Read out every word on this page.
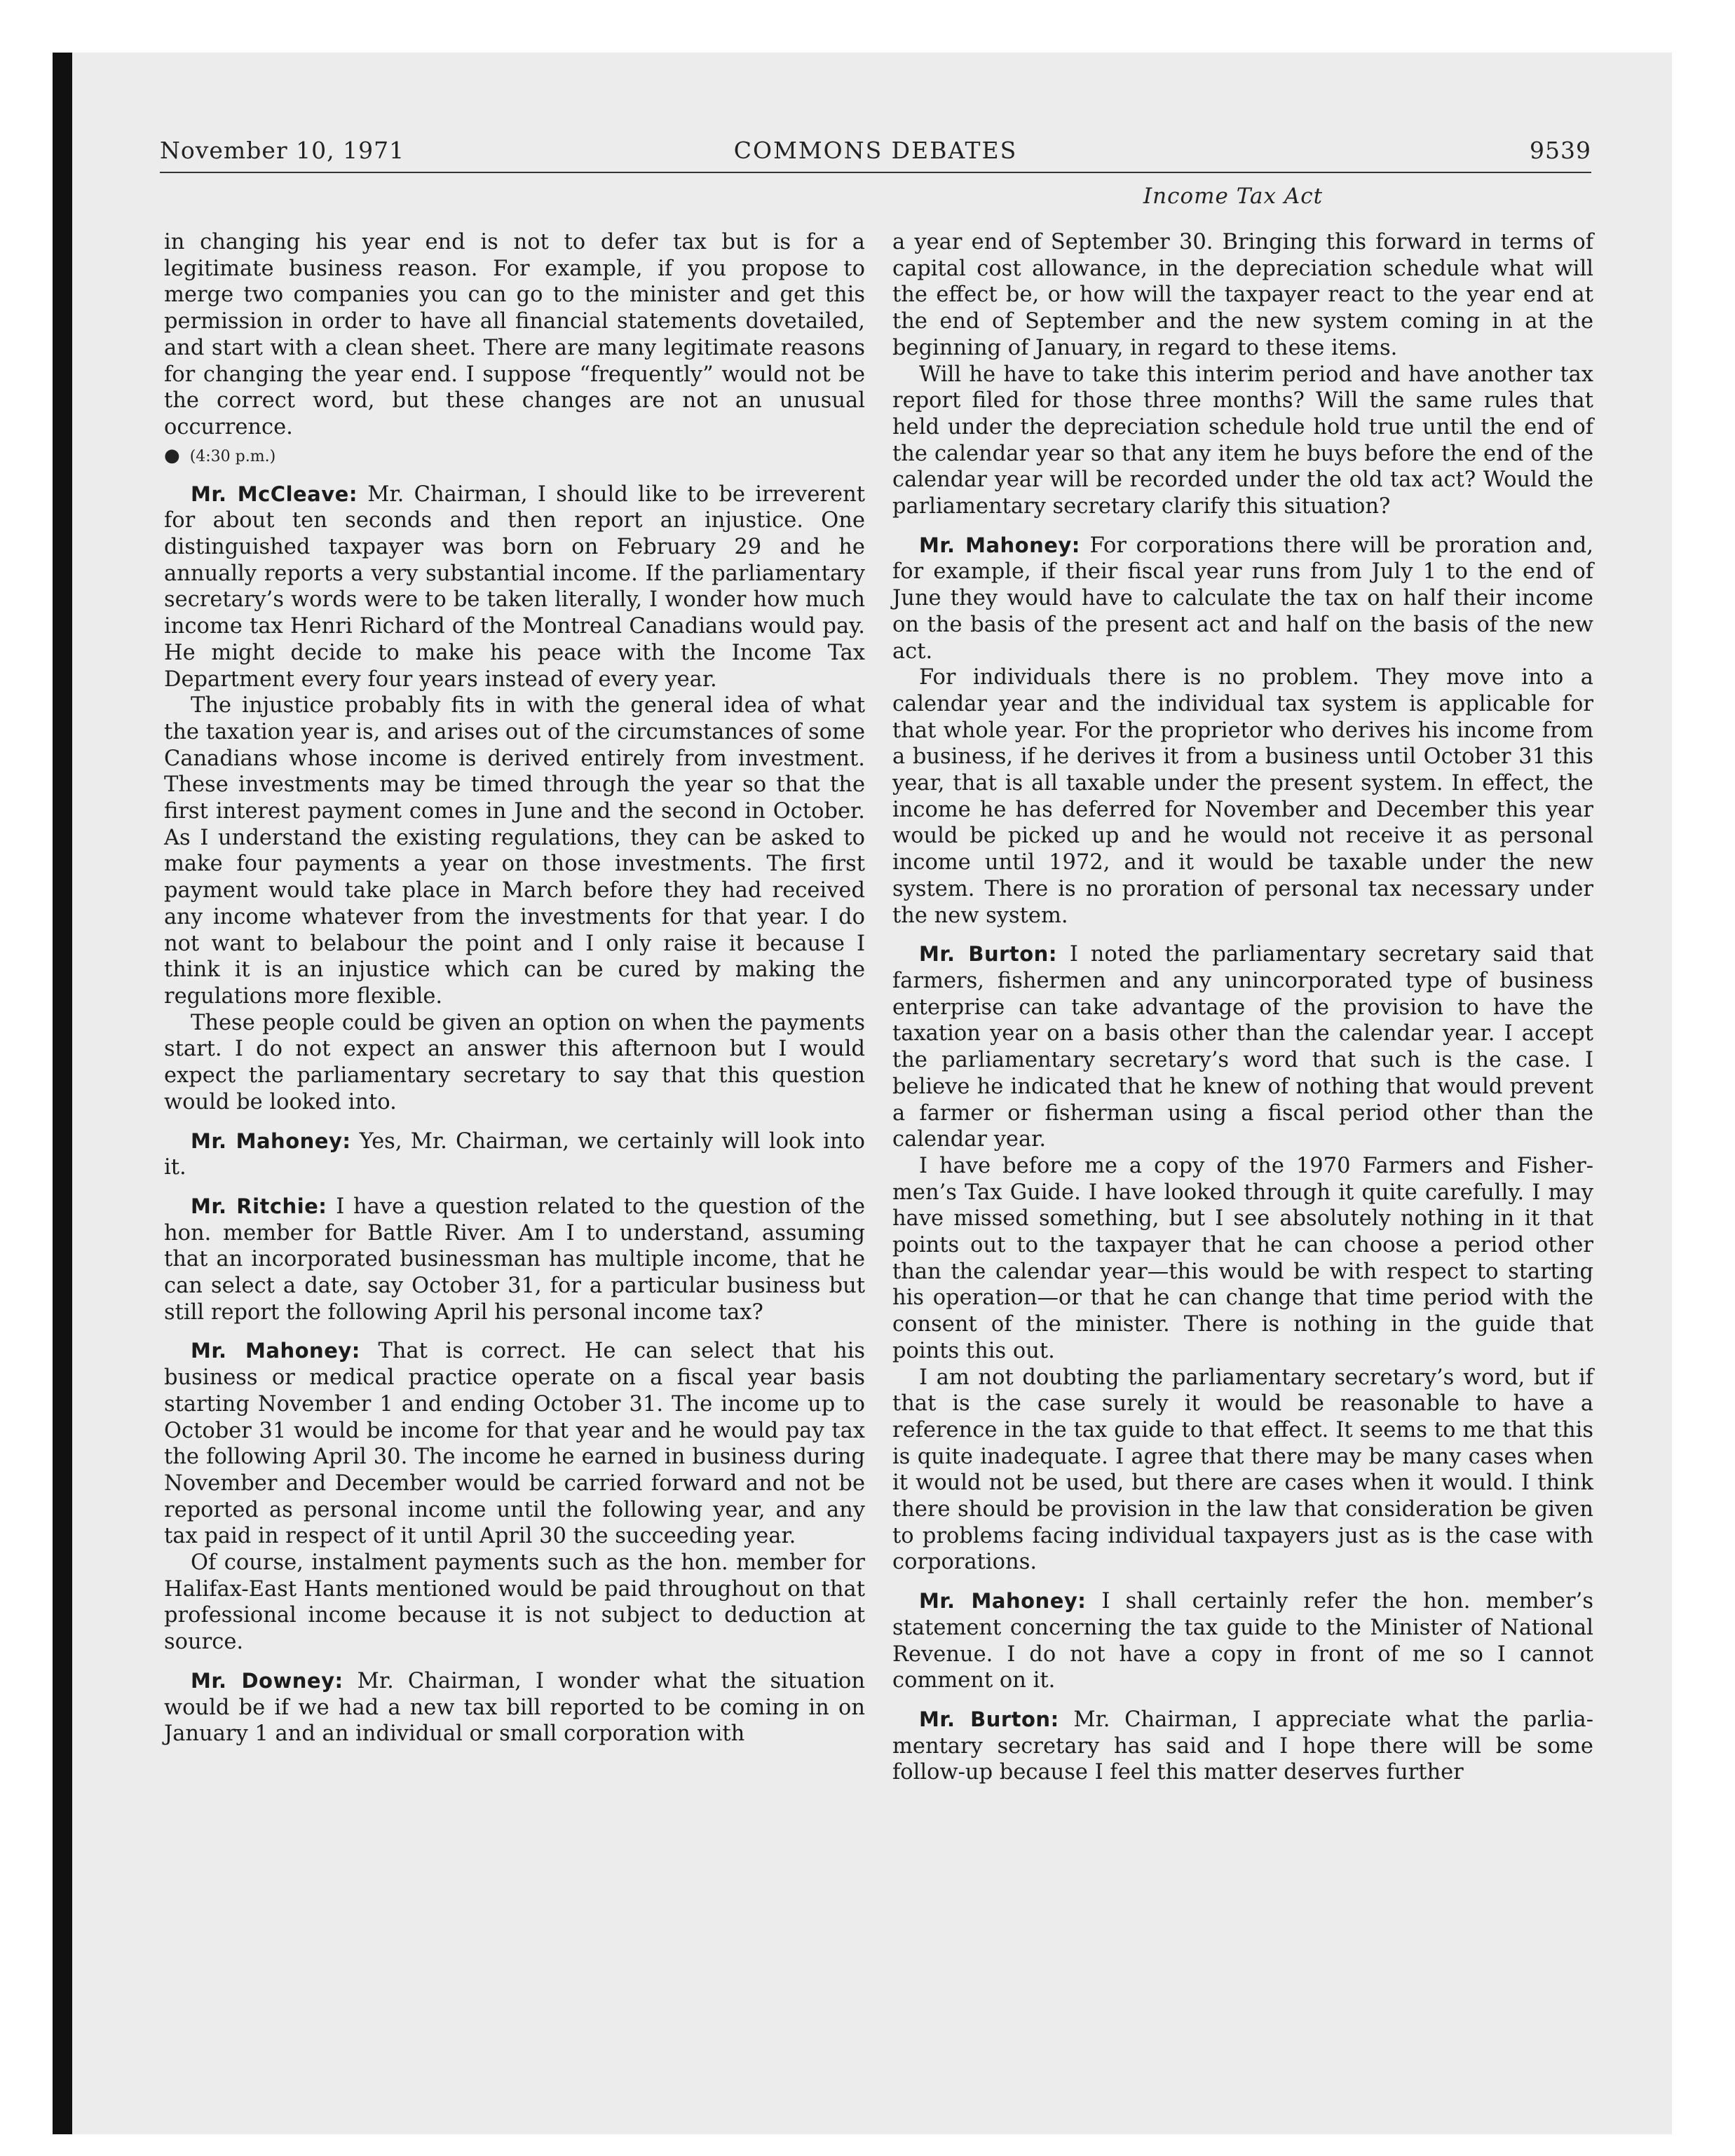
November 10, 1971	COMMONS DEBATES	9539
Income Tax Act

in changing his year end is not to defer tax but is for a legitimate business reason. For example, if you propose to merge two companies you can go to the minister and get this permission in order to have all financial statements dovetailed, and start with a clean sheet. There are many legitimate reasons for changing the year end. I suppose “frequently” would not be the correct word, but these changes are not an unusual occurrence.

● (4:30 p.m.)

Mr. McCleave: Mr. Chairman, I should like to be irreverent for about ten seconds and then report an injustice. One distinguished taxpayer was born on February 29 and he annually reports a very substantial income. If the parliamentary secretary’s words were to be taken literally, I wonder how much income tax Henri Richard of the Montreal Canadians would pay. He might decide to make his peace with the Income Tax Department every four years instead of every year.

The injustice probably fits in with the general idea of what the taxation year is, and arises out of the circumstances of some Canadians whose income is derived entirely from investment. These investments may be timed through the year so that the first interest payment comes in June and the second in October. As I understand the existing regulations, they can be asked to make four payments a year on those investments. The first payment would take place in March before they had received any income whatever from the investments for that year. I do not want to belabour the point and I only raise it because I think it is an injustice which can be cured by making the regulations more flexible.

These people could be given an option on when the payments start. I do not expect an answer this afternoon but I would expect the parliamentary secretary to say that this question would be looked into.

Mr. Mahoney: Yes, Mr. Chairman, we certainly will look into it.

Mr. Ritchie: I have a question related to the question of the hon. member for Battle River. Am I to understand, assuming that an incorporated businessman has multiple income, that he can select a date, say October 31, for a particular business but still report the following April his personal income tax?

Mr. Mahoney: That is correct. He can select that his business or medical practice operate on a fiscal year basis starting November 1 and ending October 31. The income up to October 31 would be income for that year and he would pay tax the following April 30. The income he earned in business during November and December would be carried forward and not be reported as personal income until the following year, and any tax paid in respect of it until April 30 the succeeding year.

Of course, instalment payments such as the hon. member for Halifax-East Hants mentioned would be paid throughout on that professional income because it is not subject to deduction at source.

Mr. Downey: Mr. Chairman, I wonder what the situation would be if we had a new tax bill reported to be coming in on January 1 and an individual or small corporation with

a year end of September 30. Bringing this forward in terms of capital cost allowance, in the depreciation schedule what will the effect be, or how will the taxpayer react to the year end at the end of September and the new system coming in at the beginning of January, in regard to these items.

Will he have to take this interim period and have another tax report filed for those three months? Will the same rules that held under the depreciation schedule hold true until the end of the calendar year so that any item he buys before the end of the calendar year will be recorded under the old tax act? Would the parliamentary secretary clarify this situation?

Mr. Mahoney: For corporations there will be proration and, for example, if their fiscal year runs from July 1 to the end of June they would have to calculate the tax on half their income on the basis of the present act and half on the basis of the new act.

For individuals there is no problem. They move into a calendar year and the individual tax system is applicable for that whole year. For the proprietor who derives his income from a business, if he derives it from a business until October 31 this year, that is all taxable under the present system. In effect, the income he has deferred for November and December this year would be picked up and he would not receive it as personal income until 1972, and it would be taxable under the new system. There is no proration of personal tax necessary under the new system.

Mr. Burton: I noted the parliamentary secretary said that farmers, fishermen and any unincorporated type of business enterprise can take advantage of the provision to have the taxation year on a basis other than the calendar year. I accept the parliamentary secretary’s word that such is the case. I believe he indicated that he knew of nothing that would prevent a farmer or fisherman using a fiscal period other than the calendar year.

I have before me a copy of the 1970 Farmers and Fishermen’s Tax Guide. I have looked through it quite carefully. I may have missed something, but I see absolutely nothing in it that points out to the taxpayer that he can choose a period other than the calendar year—this would be with respect to starting his operation—or that he can change that time period with the consent of the minister. There is nothing in the guide that points this out.

I am not doubting the parliamentary secretary’s word, but if that is the case surely it would be reasonable to have a reference in the tax guide to that effect. It seems to me that this is quite inadequate. I agree that there may be many cases when it would not be used, but there are cases when it would. I think there should be provision in the law that consideration be given to problems facing individual taxpayers just as is the case with corporations.

Mr. Mahoney: I shall certainly refer the hon. member’s statement concerning the tax guide to the Minister of National Revenue. I do not have a copy in front of me so I cannot comment on it.

Mr. Burton: Mr. Chairman, I appreciate what the parliamentary secretary has said and I hope there will be some follow-up because I feel this matter deserves further
